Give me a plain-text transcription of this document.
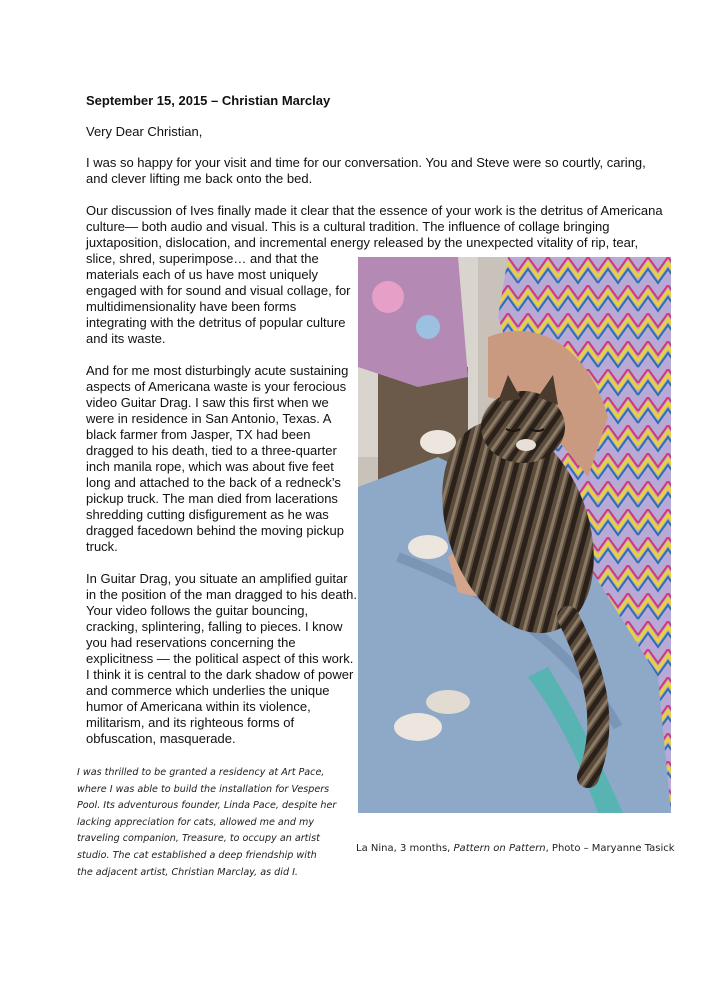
September 15, 2015 – Christian Marclay
Very Dear Christian,

I was so happy for your visit and time for our conversation. You and Steve were so courtly, caring,
and clever lifting me back onto the bed.

Our discussion of Ives finally made it clear that the essence of your work is the detritus of Americana
culture— both audio and visual. This is a cultural tradition. The influence of collage bringing
juxtaposition, dislocation, and incremental energy released by the unexpected vitality of rip, tear,
slice, shred, superimpose… and that the
materials each of us have most uniquely
engaged with for sound and visual collage, for
multidimensionality have been forms
integrating with the detritus of popular culture
and its waste.

And for me most disturbingly acute sustaining
aspects of Americana waste is your ferocious
video Guitar Drag. I saw this first when we
were in residence in San Antonio, Texas. A
black farmer from Jasper, TX had been
dragged to his death, tied to a three-quarter
inch manila rope, which was about five feet
long and attached to the back of a redneck’s
pickup truck. The man died from lacerations
shredding cutting disfigurement as he was
dragged facedown behind the moving pickup
truck.

In Guitar Drag, you situate an amplified guitar
in the position of the man dragged to his death.
Your video follows the guitar bouncing,
cracking, splintering, falling to pieces. I know
you had reservations concerning the
explicitness — the political aspect of this work.
I think it is central to the dark shadow of power
and commerce which underlies the unique
humor of Americana within its violence,
militarism, and its righteous forms of
obfuscation, masquerade.

I was thrilled to be granted a residency at Art Pace,
where I was able to build the installation for Vespers
Pool. Its adventurous founder, Linda Pace, despite her
lacking appreciation for cats, allowed me and my
traveling companion, Treasure, to occupy an artist
studio. The cat established a deep friendship with
the adjacent artist, Christian Marclay, as did I.

La Nina, 3 months, Pattern on Pattern, Photo – Maryanne Tasick
